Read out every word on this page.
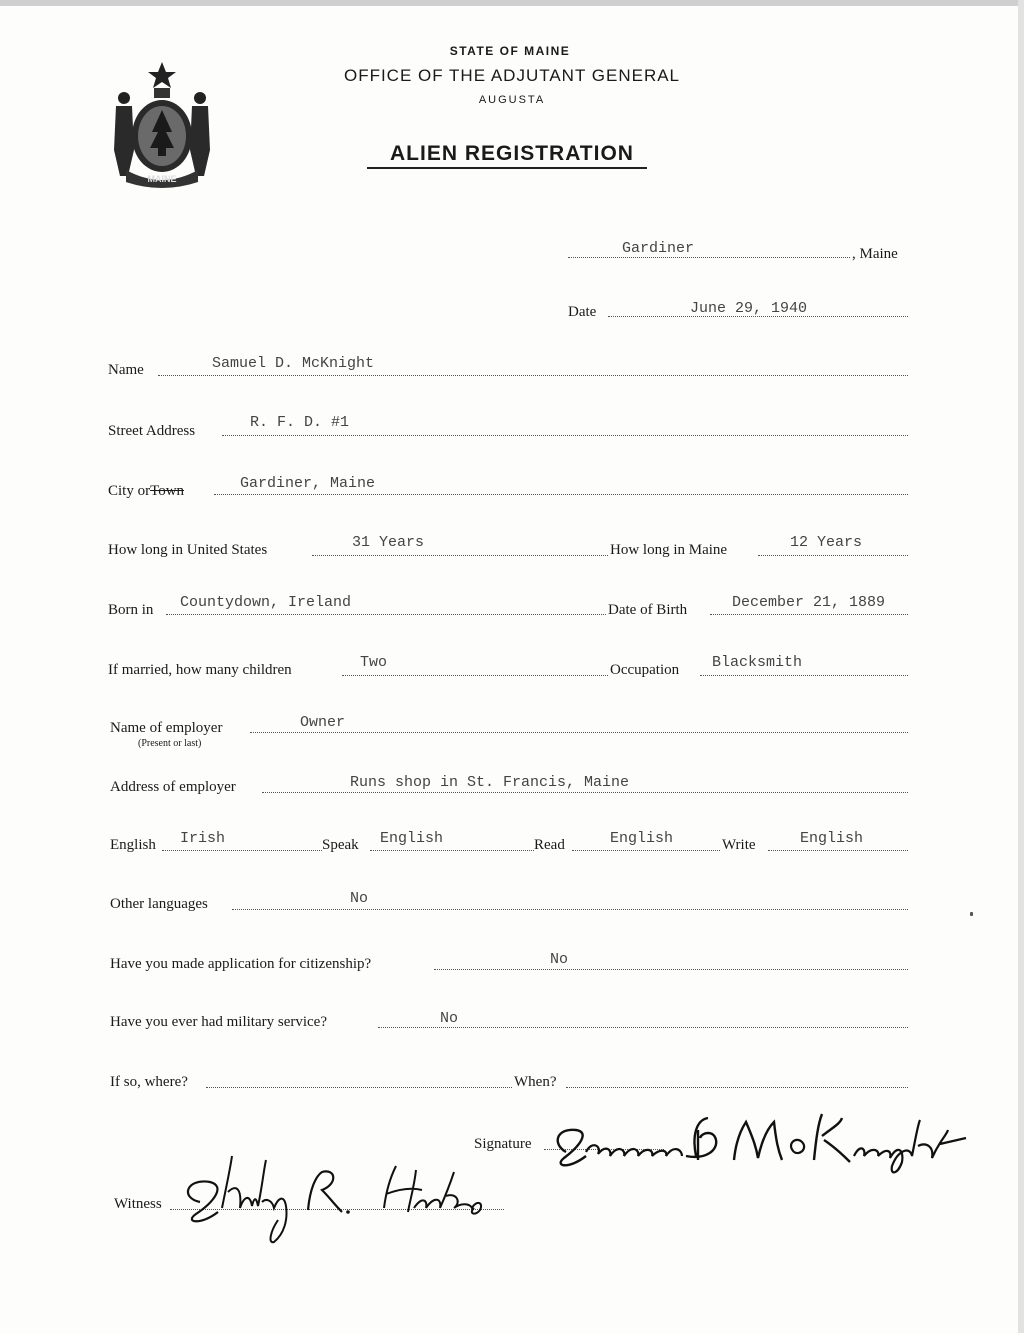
MAINE
STATE OF MAINE
OFFICE OF THE ADJUTANT GENERAL
AUGUSTA
ALIEN REGISTRATION
Gardiner	, Maine
Date	June 29, 1940
Name	Samuel D. McKnight
Street Address	R. F. D. #1
City orTown	Gardiner, Maine
How long in United States	31 Years	How long in Maine	12 Years
Born in Countydown, Ireland	Date of Birth	December 21, 1889
If married, how many children	Two	Occupation Blacksmith
Name of employer
(Present or last)
Owner
Address of employer	Runs shop in St. Francis, Maine
English Irish	Speak English	Read	English	Write	English
Other languages	No
Have you made application for citizenship?	No
Have you ever had military service?	No
If so, where?	When?
Signature
Witness
